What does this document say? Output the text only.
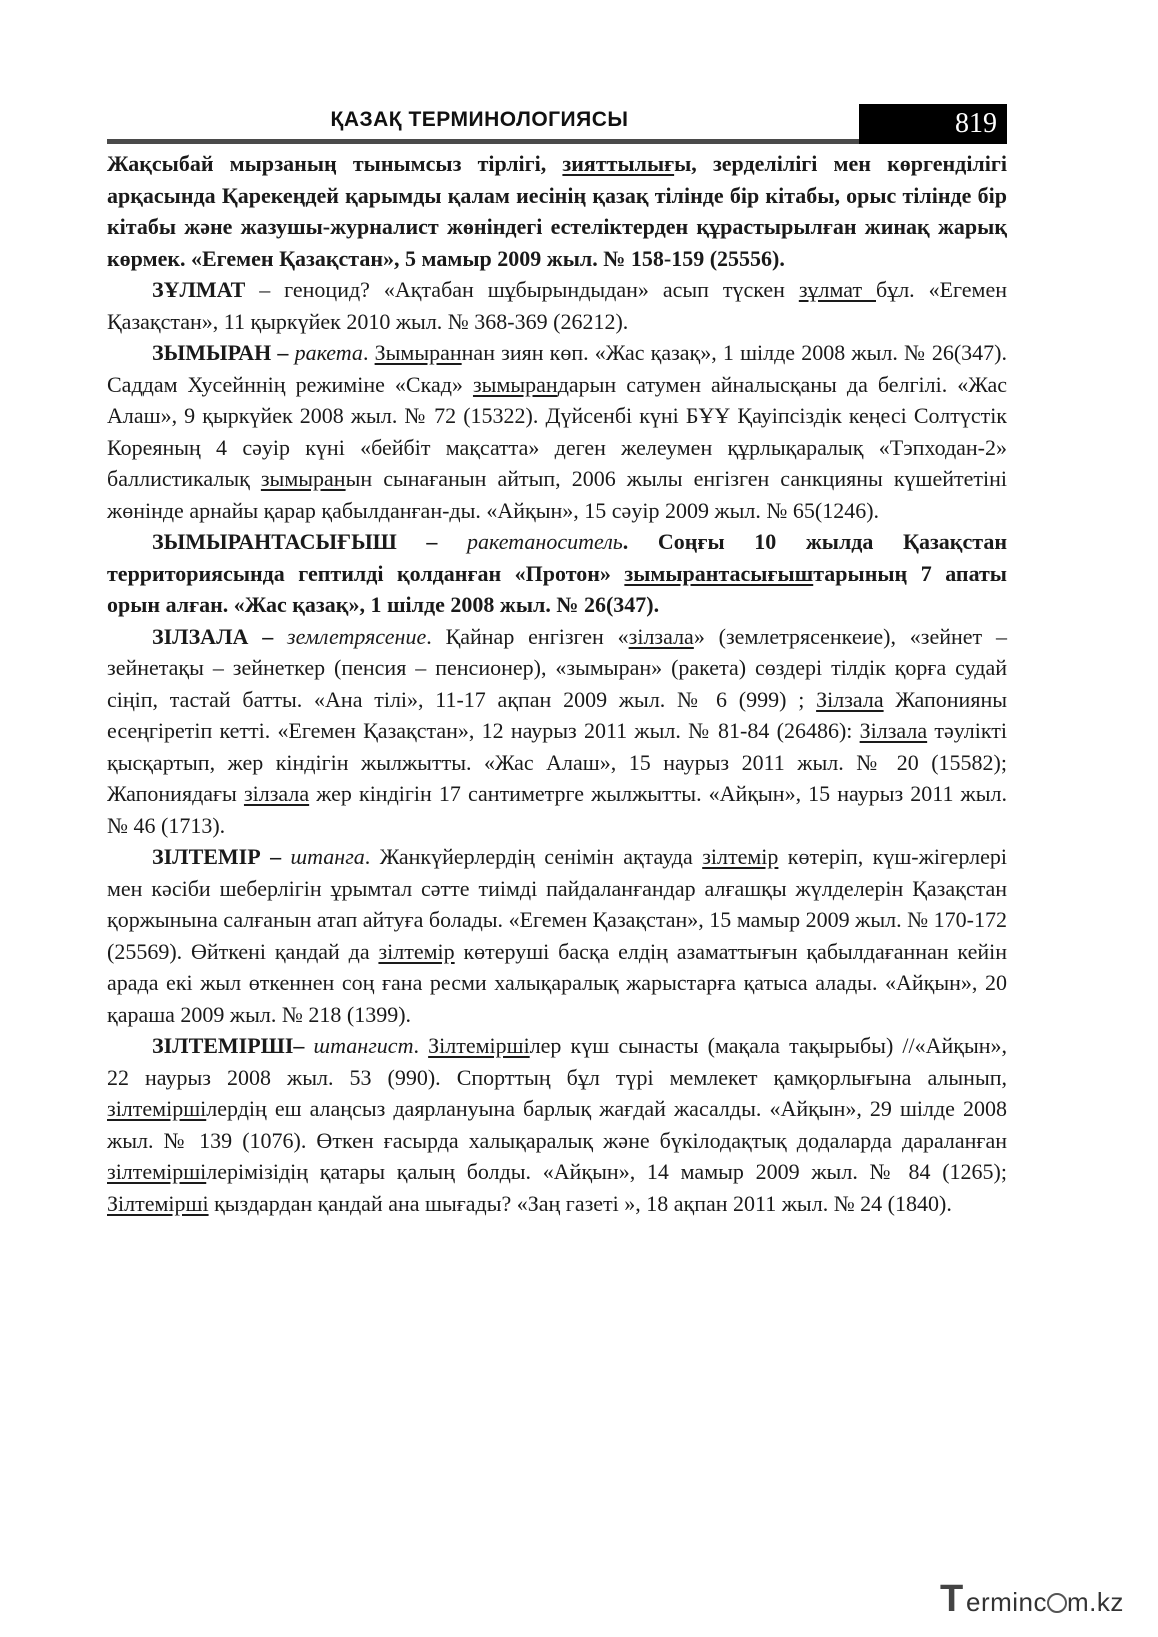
ҚАЗАҚ ТЕРМИНОЛОГИЯСЫ	819

Жақсыбай мырзаның тынымсыз тірлігі, зияттылығы, зерделілігі мен көргенділігі арқасында Қарекеңдей қарымды қалам иесінің қазақ тілінде бір кітабы, орыс тілінде бір кітабы және жазушы-журналист жөніндегі естеліктерден құрастырылған жинақ жарық көрмек. «Егемен Қазақстан», 5 мамыр 2009 жыл. № 158-159 (25556).

ЗҰЛМАТ – геноцид? «Ақтабан шұбырындыдан» асып түскен зұлмат бұл. «Егемен Қазақстан», 11 қыркүйек 2010 жыл. № 368-369 (26212).

ЗЫМЫРАН – ракета. Зымыраннан зиян көп. «Жас қазақ», 1 шілде 2008 жыл. № 26(347). Саддам Хусейннің режиміне «Скад» зымырандарын сатумен айналысқаны да белгілі. «Жас Алаш», 9 қыркүйек 2008 жыл. № 72 (15322). Дүйсенбі күні БҰҰ Қауіпсіздік кеңесі Солтүстік Кореяның 4 сәуір күні «бейбіт мақсатта» деген желеумен құрлықаралық «Тэпходан-2» баллистикалық зымыранын сынағанын айтып, 2006 жылы енгізген санкцияны күшейтетіні жөнінде арнайы қарар қабылданған-ды. «Айқын», 15 сәуір 2009 жыл. № 65(1246).

ЗЫМЫРАНТАСЫҒЫШ – ракетаноситель. Соңғы 10 жылда Қазақстан территориясында гептилді қолданған «Протон» зымырантасығыштарының 7 апаты орын алған. «Жас қазақ», 1 шілде 2008 жыл. № 26(347).

ЗІЛЗАЛА – землетрясение. Қайнар енгізген «зілзала» (землетрясенкеие), «зейнет – зейнетақы – зейнеткер (пенсия – пенсионер), «зымыран» (ракета) сөздері тілдік қорға судай сіңіп, тастай батты. «Ана тілі», 11-17 ақпан 2009 жыл. № 6 (999) ; Зілзала Жапонияны есеңгіретіп кетті. «Егемен Қазақстан», 12 наурыз 2011 жыл. № 81-84 (26486): Зілзала тәулікті қысқартып, жер кіндігін жылжытты. «Жас Алаш», 15 наурыз 2011 жыл. № 20 (15582); Жапониядағы зілзала жер кіндігін 17 сантиметрге жылжытты. «Айқын», 15 наурыз 2011 жыл. № 46 (1713).

ЗІЛТЕМІР – штанга. Жанкүйерлердің сенімін ақтауда зілтемір көтеріп, күш-жігерлері мен кәсіби шеберлігін ұрымтал сәтте тиімді пайдаланғандар алғашқы жүлделерін Қазақстан қоржынына салғанын атап айтуға болады. «Егемен Қазақстан», 15 мамыр 2009 жыл. № 170-172 (25569). Өйткені қандай да зілтемір көтеруші басқа елдің азаматтығын қабылдағаннан кейін арада екі жыл өткеннен соң ғана ресми халықаралық жарыстарға қатыса алады. «Айқын», 20 қараша 2009 жыл. № 218 (1399).

ЗІЛТЕМІРШІ– штангист. Зілтеміршілер күш сынасты (мақала тақырыбы) //«Айқын», 22 наурыз 2008 жыл. 53 (990). Спорттың бұл түрі мемлекет қамқорлығына алынып, зілтеміршілердің еш алаңсыз даярлануына барлық жағдай жасалды. «Айқын», 29 шілде 2008 жыл. № 139 (1076). Өткен ғасырда халықаралық және бүкілодақтық додаларда дараланған зілтеміршілерімізідің қатары қалың болды. «Айқын», 14 мамыр 2009 жыл. № 84 (1265); Зілтемірші қыздардан қандай ана шығады? «Заң газеті », 18 ақпан 2011 жыл. № 24 (1840).

T erminc m.kz
